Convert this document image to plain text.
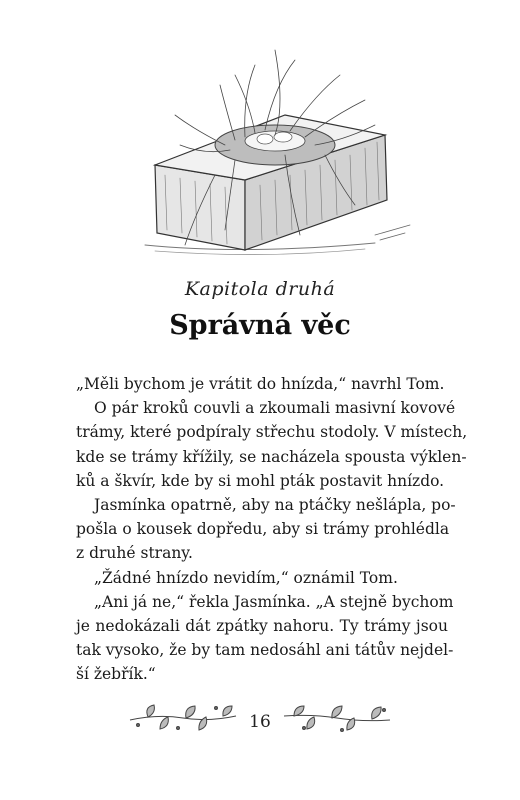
Kapitola druhá
Správná věc
„Měli bychom je vrátit do hnízda,“ navrhl Tom.
O pár kroků couvli a zkoumali masivní kovové
trámy, které podpíraly střechu stodoly. V místech,
kde se trámy křížily, se nacházela spousta výklen-
ků a škvír, kde by si mohl pták postavit hnízdo.
Jasmínka opatrně, aby na ptáčky nešlápla, po-
pošla o kousek dopředu, aby si trámy prohlédla
z druhé strany.
„Žádné hnízdo nevidím,“ oznámil Tom.
„Ani já ne,“ řekla Jasmínka. „A stejně bychom
je nedokázali dát zpátky nahoru. Ty trámy jsou
tak vysoko, že by tam nedosáhl ani tátův nejdel-
ší žebřík.“
16
